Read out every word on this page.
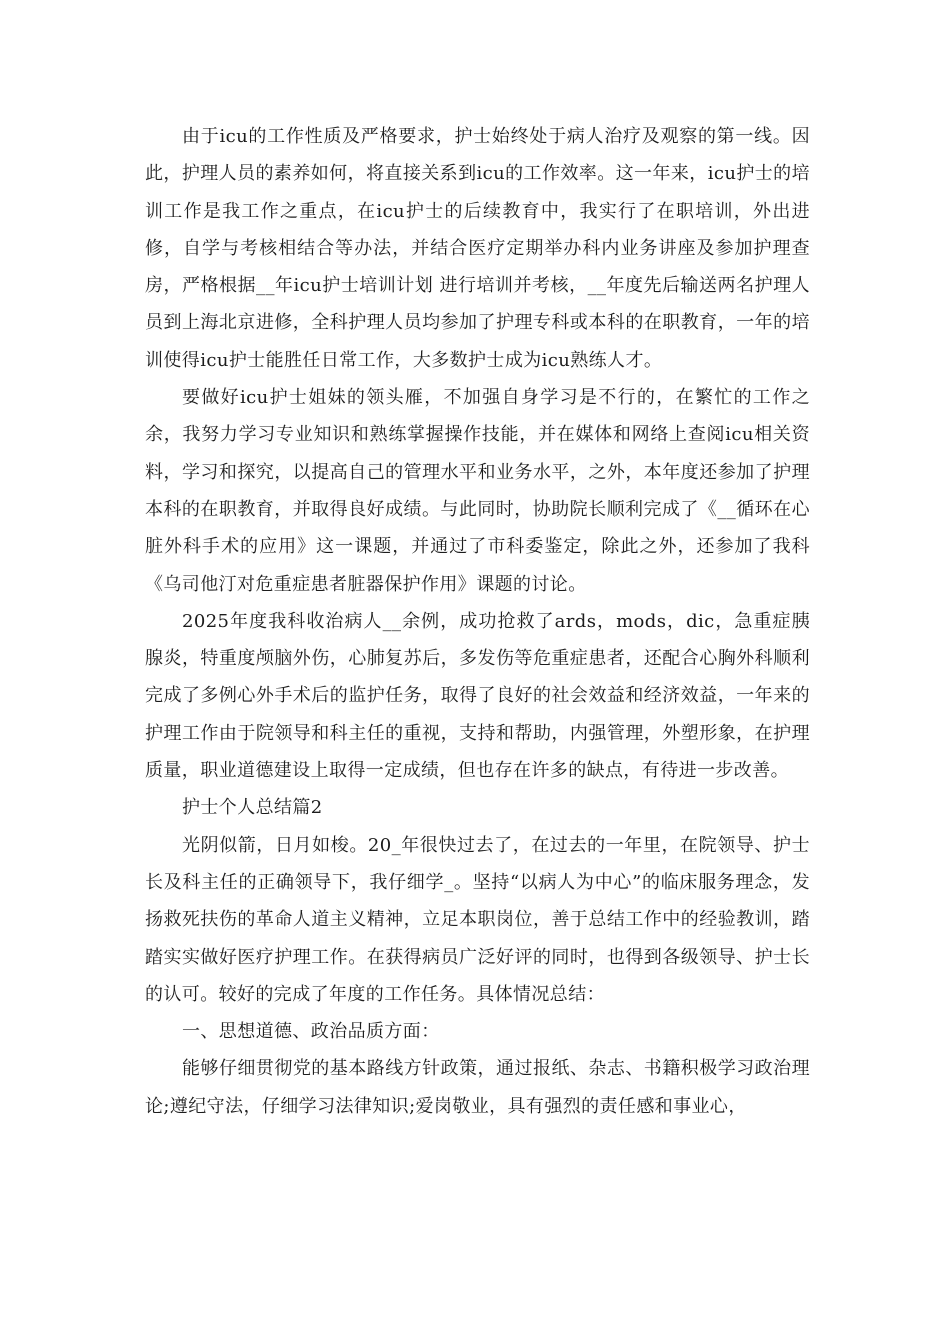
由于icu的工作性质及严格要求，护士始终处于病人治疗及观察的第一线。因此，护理人员的素养如何，将直接关系到icu的工作效率。这一年来，icu护士的培训工作是我工作之重点，在icu护士的后续教育中，我实行了在职培训，外出进修，自学与考核相结合等办法，并结合医疗定期举办科内业务讲座及参加护理查房，严格根据__年icu护士培训计划 进行培训并考核，__年度先后输送两名护理人员到上海北京进修，全科护理人员均参加了护理专科或本科的在职教育，一年的培训使得icu护士能胜任日常工作，大多数护士成为icu熟练人才。

要做好icu护士姐妹的领头雁，不加强自身学习是不行的，在繁忙的工作之余，我努力学习专业知识和熟练掌握操作技能，并在媒体和网络上查阅icu相关资料，学习和探究，以提高自己的管理水平和业务水平，之外，本年度还参加了护理本科的在职教育，并取得良好成绩。与此同时，协助院长顺利完成了《__循环在心脏外科手术的应用》这一课题，并通过了市科委鉴定，除此之外，还参加了我科《乌司他汀对危重症患者脏器保护作用》课题的讨论。

2025年度我科收治病人__余例，成功抢救了ards，mods，dic，急重症胰腺炎，特重度颅脑外伤，心肺复苏后，多发伤等危重症患者，还配合心胸外科顺利完成了多例心外手术后的监护任务，取得了良好的社会效益和经济效益，一年来的护理工作由于院领导和科主任的重视，支持和帮助，内强管理，外塑形象，在护理质量，职业道德建设上取得一定成绩，但也存在许多的缺点，有待进一步改善。

护士个人总结篇2

光阴似箭，日月如梭。20_年很快过去了，在过去的一年里，在院领导、护士长及科主任的正确领导下，我仔细学_。坚持“以病人为中心”的临床服务理念，发扬救死扶伤的革命人道主义精神，立足本职岗位，善于总结工作中的经验教训，踏踏实实做好医疗护理工作。在获得病员广泛好评的同时，也得到各级领导、护士长的认可。较好的完成了年度的工作任务。具体情况总结：

一、思想道德、政治品质方面：

能够仔细贯彻党的基本路线方针政策，通过报纸、杂志、书籍积极学习政治理论;遵纪守法，仔细学习法律知识;爱岗敬业，具有强烈的责任感和事业心，
